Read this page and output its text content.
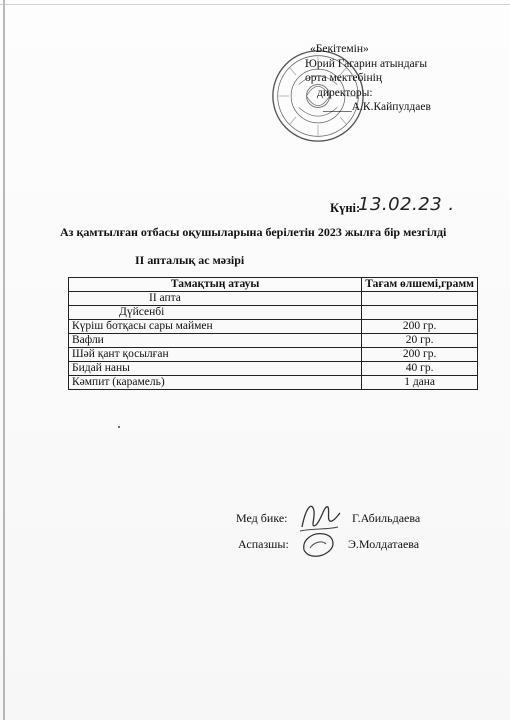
«Бекітемін»
Юрий Гагарин атындағы
орта мектебінің
директоры:
_____А.К.Кайпулдаев
Күні:
13.02.23 .
Аз қамтылған отбасы оқушыларына берілетін 2023 жылға бір мезгілді
ІІ апталық ас мәзірі
Тамақтың атауы	Тағам өлшемі,грамм
ІІ апта	
Дүйсенбі	
Күріш ботқасы сары маймен	200 гр.
Вафли	20 гр.
Шәй қант қосылған	200 гр.
Бидай наны	40 гр.
Кәмпит (карамель)	1 дана
Мед бике:	Г.Абильдаева
Аспазшы:	Э.Молдатаева
